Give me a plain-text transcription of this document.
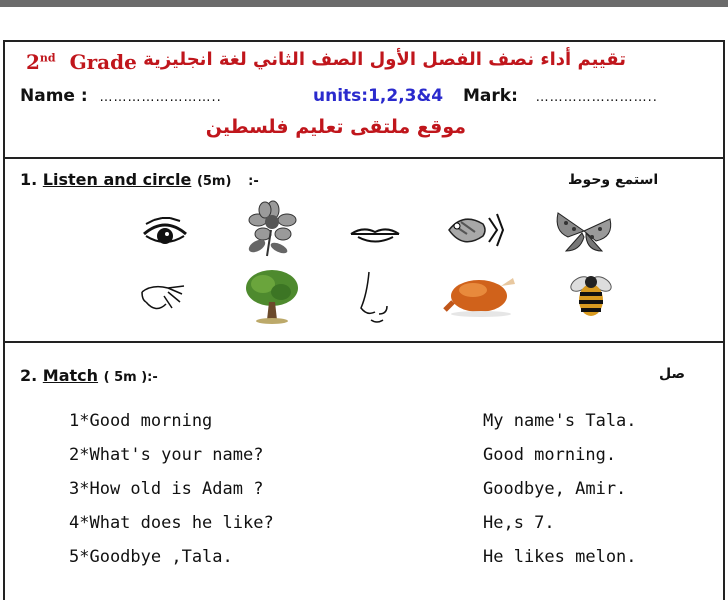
2nd Grade تقييم أداء نصف الفصل الأول الصف الثاني لغة انجليزية
Name : ……………………..	units:1,2,3&4 Mark: ……………………..
موقع ملتقى تعليم فلسطين
1. Listen and circle (5m) :-	استمع وحوط
2. Match ( 5m ):-	صل
1*Good morning
2*What's your name?
3*How old is Adam ?
4*What does he like?
5*Goodbye ,Tala.
My name's Tala.
Good morning.
Goodbye, Amir.
He,s 7.
He likes melon.
